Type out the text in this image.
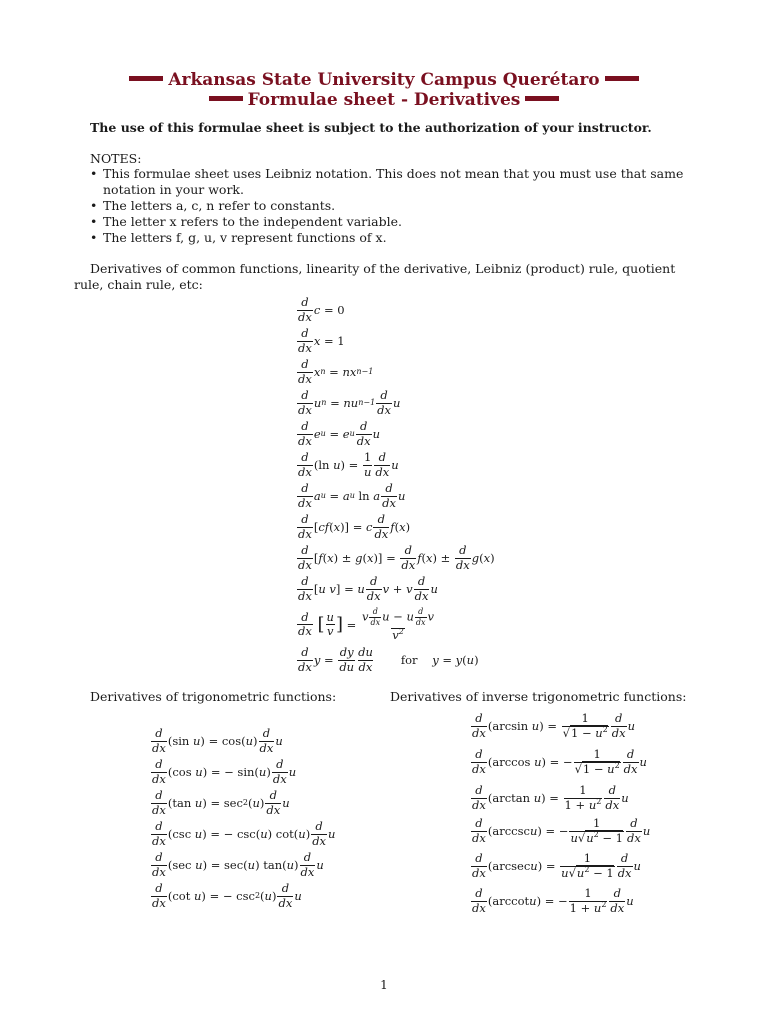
Arkansas State University Campus Querétaro
Formulae sheet - Derivatives
The use of this formulae sheet is subject to the authorization of your instructor.
NOTES:
• This formulae sheet uses Leibniz notation. This does not mean that you must use that same notation in your work.
• The letters a, c, n refer to constants.
• The letter x refers to the independent variable.
• The letters f, g, u, v represent functions of x.
Derivatives of common functions, linearity of the derivative, Leibniz (product) rule, quotient rule, chain rule, etc:
$\frac{d}{dx}$ c = 0
$\frac{d}{dx}$ x = 1
$\frac{d}{dx}$ x n = nx n−1
$\frac{d}{dx}$ u n = nu $n-1 \frac{d}{dx}$ u
$\frac{d}{dx}$ e u = e u $\frac{d}{dx}$ u
$\frac{d}{dx} (\ln$ u ) = $\frac{1}{u} \frac{d}{dx}$ u
$\frac{d}{dx}$ a u = a u ln a $\frac{d}{dx}$ u
$\frac{d}{dx}$ [ cf ( x )] = c $\frac{d}{dx}$ f ( x )
$\frac{d}{dx}$ [ f ( x ) ± g ( x )] = $\frac{d}{dx}$ f ( x ) ± $\frac{d}{dx}$ g ( x )
$\frac{d}{dx}$ [ u v ] = u $\frac{d}{dx}$ v + v $\frac{d}{dx}$ u
$\frac{d}{dx}$
[ $\frac{u}{v}$ ] = $\frac{v \frac{d}{dx} u - u \frac{d}{dx} v}{v^2}$
$\frac{d}{dx}$ $y = \frac{dy}{du} \frac{du}{dx}$ for
y = y ( u )
Derivatives of trigonometric functions:	Derivatives of inverse trigonometric functions:
$\frac{d}{dx} (\sin$ u ) = cos( u ) $\frac{d}{dx}$ u
$\frac{d}{dx} (\cos$ u ) = − sin( u ) $\frac{d}{dx}$ u
$\frac{d}{dx} (\tan$ u ) = sec 2 ( u ) $\frac{d}{dx}$ u
$\frac{d}{dx} (\csc$ u ) = − csc( u ) cot( u ) $\frac{d}{dx}$ u
$\frac{d}{dx} (\sec$ u ) = sec( u ) tan( u ) $\frac{d}{dx}$ u
$\frac{d}{dx} (\cot$ u ) = − csc 2 ( u ) $\frac{d}{dx}$ u
$\frac{d}{dx} (\arcsin$ u ) = $\frac{1}{√1 - u^2} \frac{d}{dx}$ u
$\frac{d}{dx} (\arccos$ u ) = − $\frac{1}{√1 - u^2} \frac{d}{dx}$ u
$\frac{d}{dx} (\arctan$ u ) = $\frac{1}{1 + u^2} \frac{d}{dx}$ u
$\frac{d}{dx} (arccsc$ u ) = − $\frac{1}{u√u^2 - 1} \frac{d}{dx}$ u
$\frac{d}{dx} (arcsec$ u ) = $\frac{1}{u√u^2 - 1} \frac{d}{dx}$ u
$\frac{d}{dx} (arccot$ u ) = − $\frac{1}{1 + u^2} \frac{d}{dx}$ u
1
